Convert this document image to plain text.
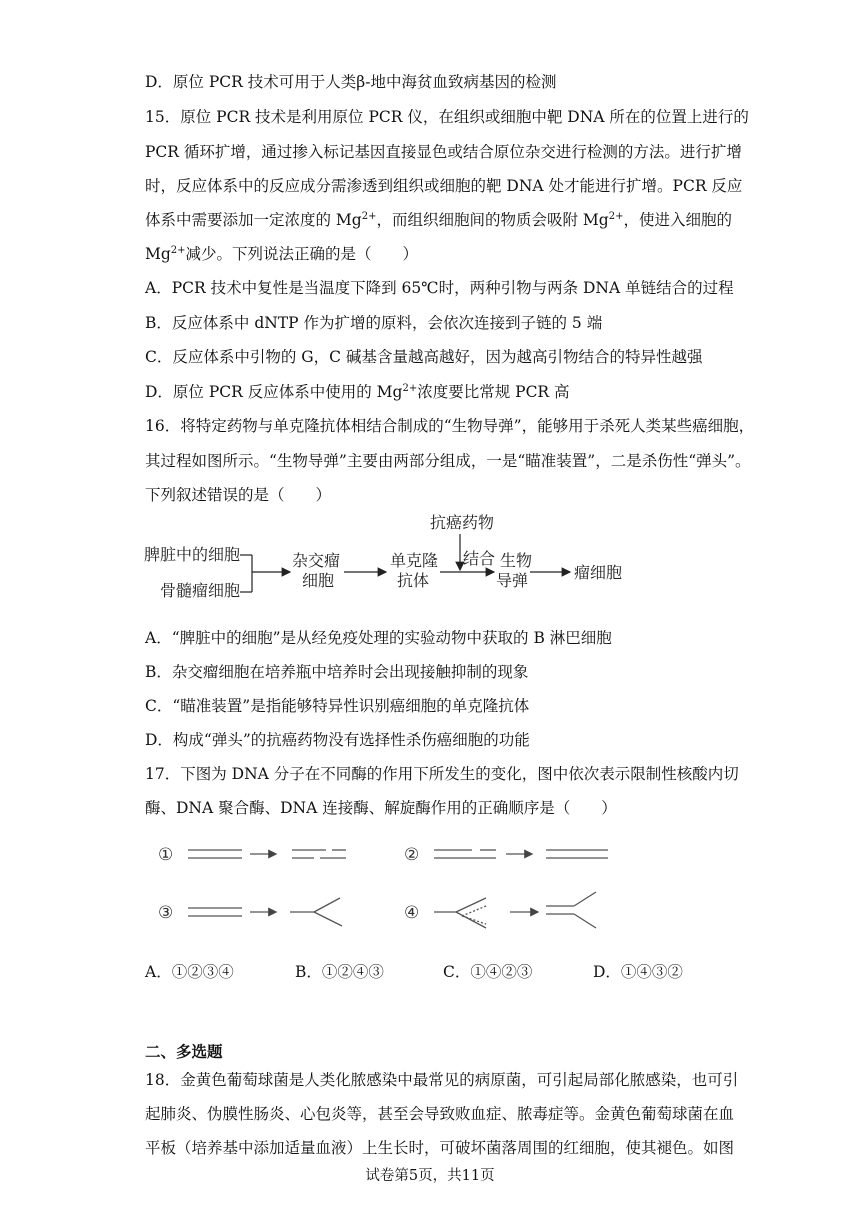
D．原位 PCR 技术可用于人类β-地中海贫血致病基因的检测
15．原位 PCR 技术是利用原位 PCR 仪，在组织或细胞中靶 DNA 所在的位置上进行的
PCR 循环扩增，通过掺入标记基因直接显色或结合原位杂交进行检测的方法。进行扩增
时，反应体系中的反应成分需渗透到组织或细胞的靶 DNA 处才能进行扩增。PCR 反应
体系中需要添加一定浓度的 $Mg^{2+}$，而组织细胞间的物质会吸附 $Mg^{2+}$，使进入细胞的
$Mg^{2+}$减少。下列说法正确的是（　　）
A．PCR 技术中复性是当温度下降到 65℃时，两种引物与两条 DNA 单链结合的过程
B．反应体系中 dNTP 作为扩增的原料，会依次连接到子链的 5 端
C．反应体系中引物的 G，C 碱基含量越高越好，因为越高引物结合的特异性越强
D．原位 PCR 反应体系中使用的 $Mg^{2+}$浓度要比常规 PCR 高
16．将特定药物与单克隆抗体相结合制成的“生物导弹”，能够用于杀死人类某些癌细胞，
其过程如图所示。“生物导弹”主要由两部分组成，一是“瞄准装置”，二是杀伤性“弹头”。
下列叙述错误的是（　　）
脾脏中的细胞
骨髓瘤细胞
杂交瘤
细胞
单克隆
抗体
抗癌药物
结合 生物
导弹	瘤细胞
A．“脾脏中的细胞”是从经免疫处理的实验动物中获取的 B 淋巴细胞
B．杂交瘤细胞在培养瓶中培养时会出现接触抑制的现象
C．“瞄准装置”是指能够特异性识别癌细胞的单克隆抗体
D．构成“弹头”的抗癌药物没有选择性杀伤癌细胞的功能
17．下图为 DNA 分子在不同酶的作用下所发生的变化，图中依次表示限制性核酸内切
酶、DNA 聚合酶、DNA 连接酶、解旋酶作用的正确顺序是（　　）
①	②
③	④
A．①②③④	B．①②④③	C．①④②③	D．①④③②
二、多选题
18．金黄色葡萄球菌是人类化脓感染中最常见的病原菌，可引起局部化脓感染，也可引
起肺炎、伪膜性肠炎、心包炎等，甚至会导致败血症、脓毒症等。金黄色葡萄球菌在血
平板（培养基中添加适量血液）上生长时，可破坏菌落周围的红细胞，使其褪色。如图
试卷第5页，共11页
